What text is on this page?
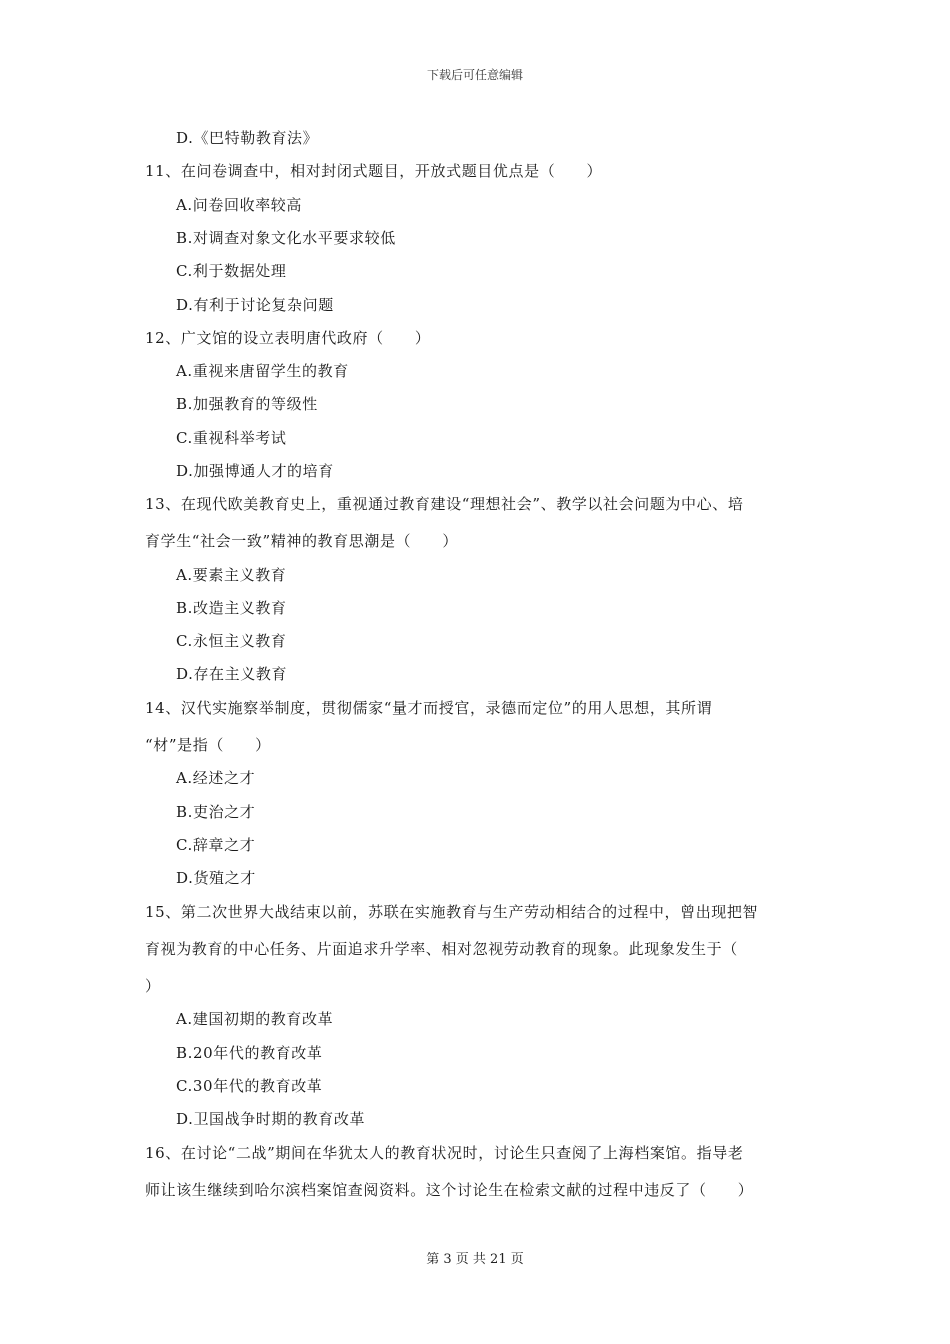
下载后可任意编辑
D.《巴特勒教育法》
11、在问卷调查中，相对封闭式题目，开放式题目优点是（　　）
A.问卷回收率较高
B.对调查对象文化水平要求较低
C.利于数据处理
D.有利于讨论复杂问题
12、广文馆的设立表明唐代政府（　　）
A.重视来唐留学生的教育
B.加强教育的等级性
C.重视科举考试
D.加强博通人才的培育
13、在现代欧美教育史上，重视通过教育建设“理想社会”、教学以社会问题为中心、培
育学生“社会一致”精神的教育思潮是（　　）
A.要素主义教育
B.改造主义教育
C.永恒主义教育
D.存在主义教育
14、汉代实施察举制度，贯彻儒家“量才而授官，录德而定位”的用人思想，其所谓
“材”是指（　　）
A.经述之才
B.吏治之才
C.辞章之才
D.货殖之才
15、第二次世界大战结束以前，苏联在实施教育与生产劳动相结合的过程中，曾出现把智
育视为教育的中心任务、片面追求升学率、相对忽视劳动教育的现象。此现象发生于（
）
A.建国初期的教育改革
B.20年代的教育改革
C.30年代的教育改革
D.卫国战争时期的教育改革
16、在讨论“二战”期间在华犹太人的教育状况时，讨论生只查阅了上海档案馆。指导老
师让该生继续到哈尔滨档案馆查阅资料。这个讨论生在检索文献的过程中违反了（　　）
第 3 页 共 21 页
